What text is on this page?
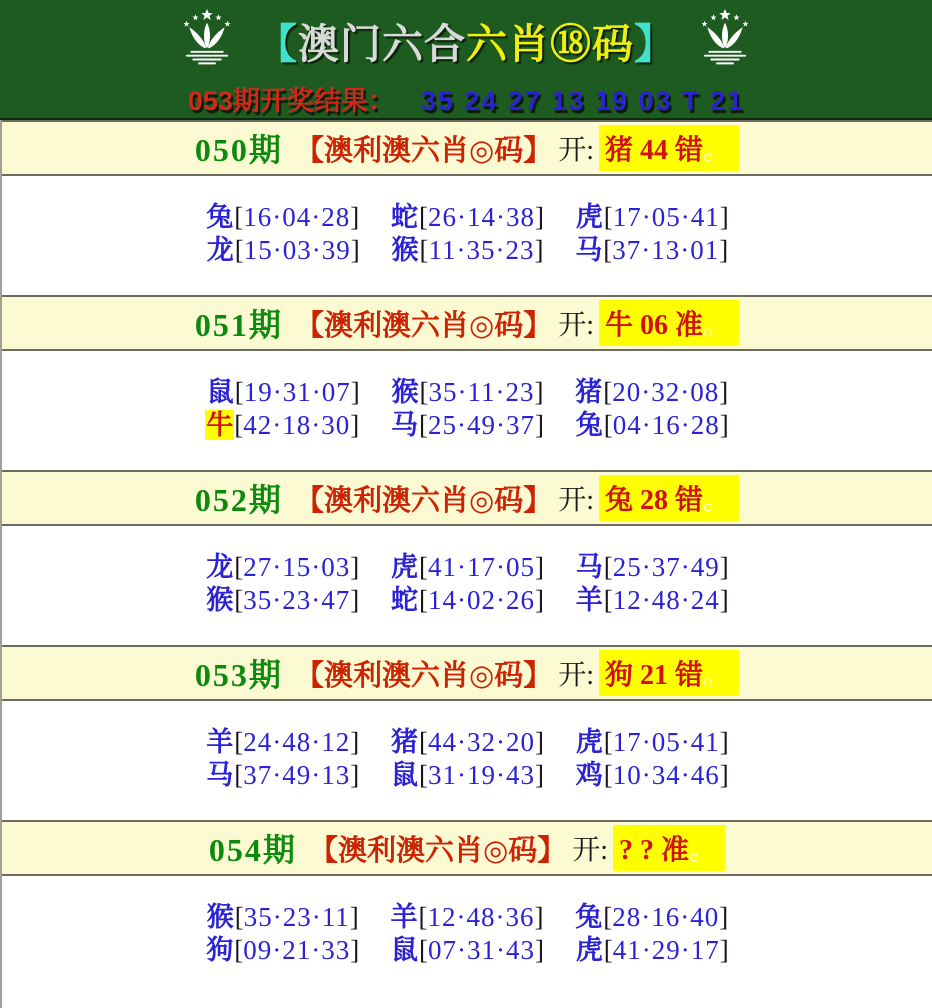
【澳门六合六肖⑱码】
053期开奖结果： 35 24 27 13 19 03 T 21
050期 【澳利澳六肖◎码】 开: 猪 44 错。
兔[16·04·28] 蛇[26·14·38] 虎[17·05·41]
龙[15·03·39] 猴[11·35·23] 马[37·13·01]
051期 【澳利澳六肖◎码】 开: 牛 06 准。
鼠[19·31·07] 猴[35·11·23] 猪[20·32·08]
牛[42·18·30] 马[25·49·37] 兔[04·16·28]
052期 【澳利澳六肖◎码】 开: 兔 28 错。
龙[27·15·03] 虎[41·17·05] 马[25·37·49]
猴[35·23·47] 蛇[14·02·26] 羊[12·48·24]
053期 【澳利澳六肖◎码】 开: 狗 21 错。
羊[24·48·12] 猪[44·32·20] 虎[17·05·41]
马[37·49·13] 鼠[31·19·43] 鸡[10·34·46]
054期 【澳利澳六肖◎码】 开: ? ? 准。
猴[35·23·11] 羊[12·48·36] 兔[28·16·40]
狗[09·21·33] 鼠[07·31·43] 虎[41·29·17]
